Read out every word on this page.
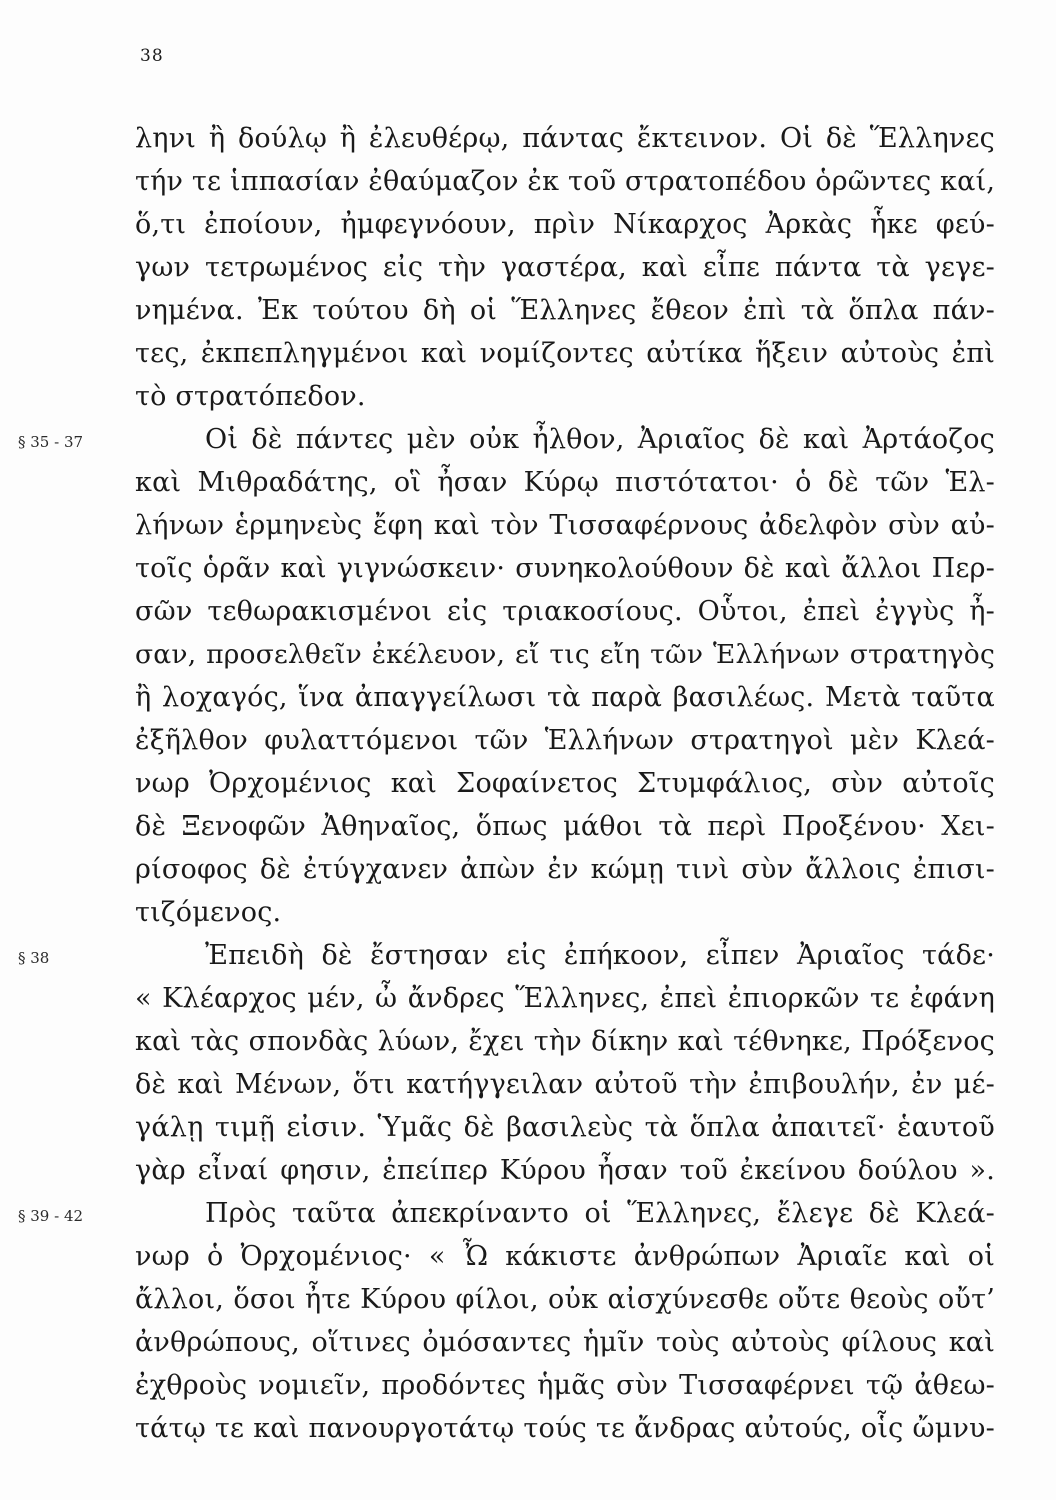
38
ληνι ἢ δούλῳ ἢ ἐλευθέρῳ, πάντας ἔκτεινον. Οἱ δὲ Ἕλληνες
τήν τε ἱππασίαν ἐθαύμαζον ἐκ τοῦ στρατοπέδου ὁρῶντες καί,
ὅ,τι ἐποίουν, ἠμφεγνόουν, πρὶν Νίκαρχος Ἀρκὰς ἧκε φεύ-
γων τετρωμένος εἰς τὴν γαστέρα, καὶ εἶπε πάντα τὰ γεγε-
νημένα. Ἐκ τούτου δὴ οἱ Ἕλληνες ἔθεον ἐπὶ τὰ ὅπλα πάν-
τες, ἐκπεπληγμένοι καὶ νομίζοντες αὐτίκα ἥξειν αὐτοὺς ἐπὶ
τὸ στρατόπεδον.
§ 35 - 37	Οἱ δὲ πάντες μὲν οὐκ ἦλθον, Ἀριαῖος δὲ καὶ Ἀρτάοζος
καὶ Μιθραδάτης, οἳ ἦσαν Κύρῳ πιστότατοι· ὁ δὲ τῶν Ἑλ-
λήνων ἑρμηνεὺς ἔφη καὶ τὸν Τισσαφέρνους ἀδελφὸν σὺν αὐ-
τοῖς ὁρᾶν καὶ γιγνώσκειν· συνηκολούθουν δὲ καὶ ἄλλοι Περ-
σῶν τεθωρακισμένοι εἰς τριακοσίους. Οὗτοι, ἐπεὶ ἐγγὺς ἦ-
σαν, προσελθεῖν ἐκέλευον, εἴ τις εἴη τῶν Ἑλλήνων στρατηγὸς
ἢ λοχαγός, ἵνα ἀπαγγείλωσι τὰ παρὰ βασιλέως. Μετὰ ταῦτα
ἐξῆλθον φυλαττόμενοι τῶν Ἑλλήνων στρατηγοὶ μὲν Κλεά-
νωρ Ὀρχομένιος καὶ Σοφαίνετος Στυμφάλιος, σὺν αὐτοῖς
δὲ Ξενοφῶν Ἀθηναῖος, ὅπως μάθοι τὰ περὶ Προξένου· Χει-
ρίσοφος δὲ ἐτύγχανεν ἀπὼν ἐν κώμῃ τινὶ σὺν ἄλλοις ἐπισι-
τιζόμενος.
§ 38	Ἐπειδὴ δὲ ἔστησαν εἰς ἐπήκοον, εἶπεν Ἀριαῖος τάδε·
« Κλέαρχος μέν, ὦ ἄνδρες Ἕλληνες, ἐπεὶ ἐπιορκῶν τε ἐφάνη
καὶ τὰς σπονδὰς λύων, ἔχει τὴν δίκην καὶ τέθνηκε, Πρόξενος
δὲ καὶ Μένων, ὅτι κατήγγειλαν αὐτοῦ τὴν ἐπιβουλήν, ἐν μέ-
γάλῃ τιμῇ εἰσιν. Ὑμᾶς δὲ βασιλεὺς τὰ ὅπλα ἀπαιτεῖ· ἑαυτοῦ
γὰρ εἶναί φησιν, ἐπείπερ Κύρου ἦσαν τοῦ ἐκείνου δούλου ».
§ 39 - 42	Πρὸς ταῦτα ἀπεκρίναντο οἱ Ἕλληνες, ἔλεγε δὲ Κλεά-
νωρ ὁ Ὀρχομένιος· « Ὦ κάκιστε ἀνθρώπων Ἀριαῖε καὶ οἱ
ἄλλοι, ὅσοι ἦτε Κύρου φίλοι, οὐκ αἰσχύνεσθε οὔτε θεοὺς οὔτ’
ἀνθρώπους, οἵτινες ὀμόσαντες ἡμῖν τοὺς αὐτοὺς φίλους καὶ
ἐχθροὺς νομιεῖν, προδόντες ἡμᾶς σὺν Τισσαφέρνει τῷ ἀθεω-
τάτῳ τε καὶ πανουργοτάτῳ τούς τε ἄνδρας αὐτούς, οἷς ὤμνυ-
